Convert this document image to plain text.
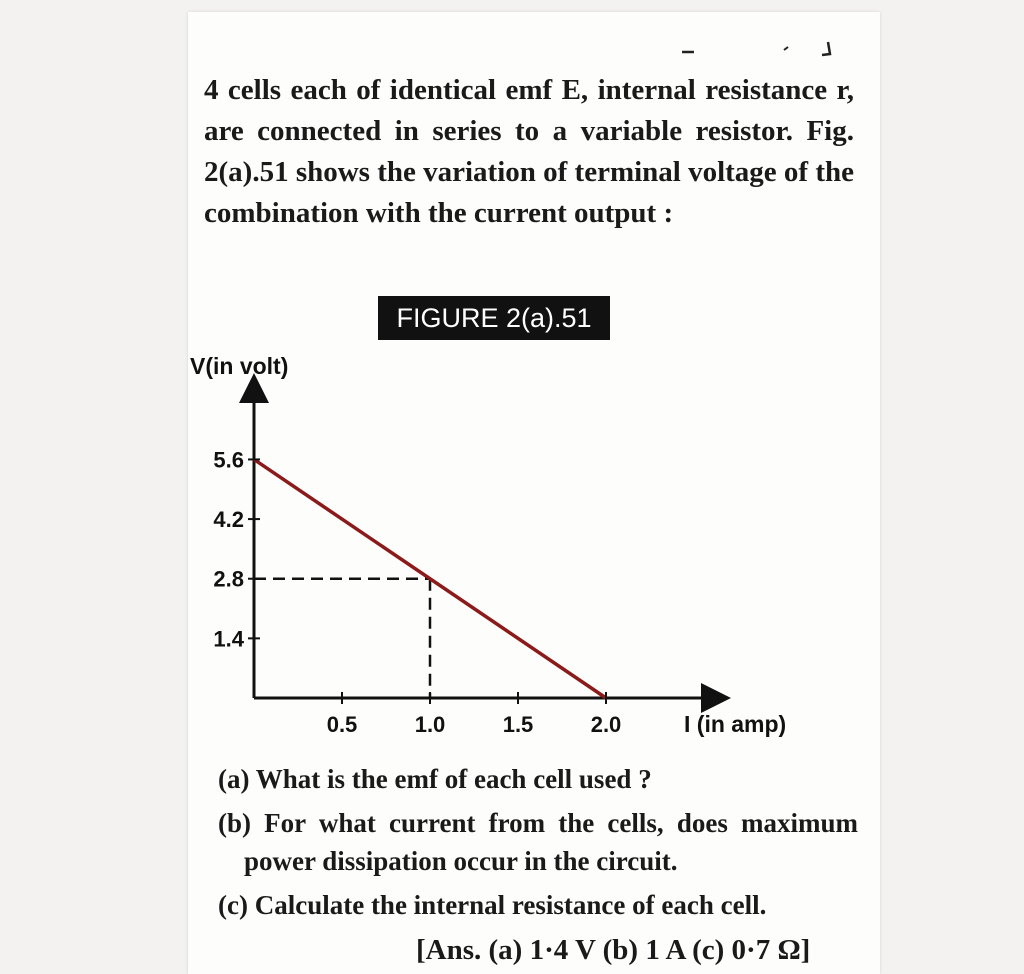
4 cells each of identical emf E, internal resistance r, are connected in series to a variable resistor. Fig. 2(a).51 shows the variation of terminal voltage of the combination with the current output :

FIGURE 2(a).51
1.4
2.8
4.2
5.6
0.5	1.0	1.5	2.0
V(in volt)
I (in amp)
(a) What is the emf of each cell used ?
(b) For what current from the cells, does maximum power dissipation occur in the circuit.
(c) Calculate the internal resistance of each cell.
[Ans. (a) 1·4 V (b) 1 A (c) 0·7 Ω]
